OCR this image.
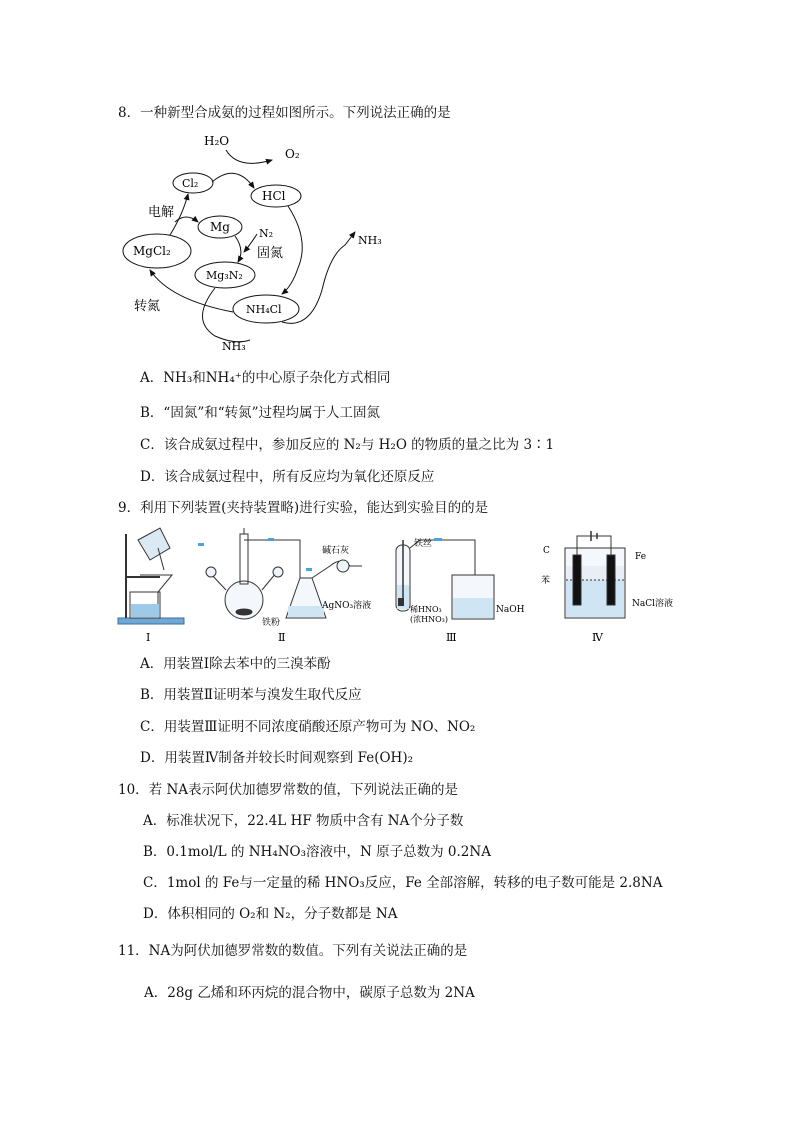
8．一种新型合成氨的过程如图所示。下列说法正确的是
H₂O
O₂
Cl₂
HCl
电解
Mg	N₂
固氮
NH₃
MgCl₂
Mg₃N₂
转氮	NH₄Cl
NH₃
A．NH₃和NH₄⁺的中心原子杂化方式相同
B．“固氮”和“转氮”过程均属于人工固氮
C．该合成氨过程中，参加反应的 N₂与 H₂O 的物质的量之比为 3∶1
D．该合成氨过程中，所有反应均为氧化还原反应
9．利用下列装置(夹持装置略)进行实验，能达到实验目的的是
Ⅰ	Ⅱ	Ⅲ	Ⅳ
碱石灰
铁粉
AgNO₃溶液
铁丝
稀HNO₃
(浓HNO₃)
NaOH
C
Fe
苯
NaCl溶液
A．用装置Ⅰ除去苯中的三溴苯酚
B．用装置Ⅱ证明苯与溴发生取代反应
C．用装置Ⅲ证明不同浓度硝酸还原产物可为 NO、NO₂
D．用装置Ⅳ制备并较长时间观察到 Fe(OH)₂
10．若 NA表示阿伏加德罗常数的值，下列说法正确的是
A．标准状况下，22.4L HF 物质中含有 NA个分子数
B．0.1mol/L 的 NH₄NO₃溶液中，N 原子总数为 0.2NA
C．1mol 的 Fe与一定量的稀 HNO₃反应，Fe 全部溶解，转移的电子数可能是 2.8NA
D．体积相同的 O₂和 N₂，分子数都是 NA
11．NA为阿伏加德罗常数的数值。下列有关说法正确的是
A．28g 乙烯和环丙烷的混合物中，碳原子总数为 2NA
